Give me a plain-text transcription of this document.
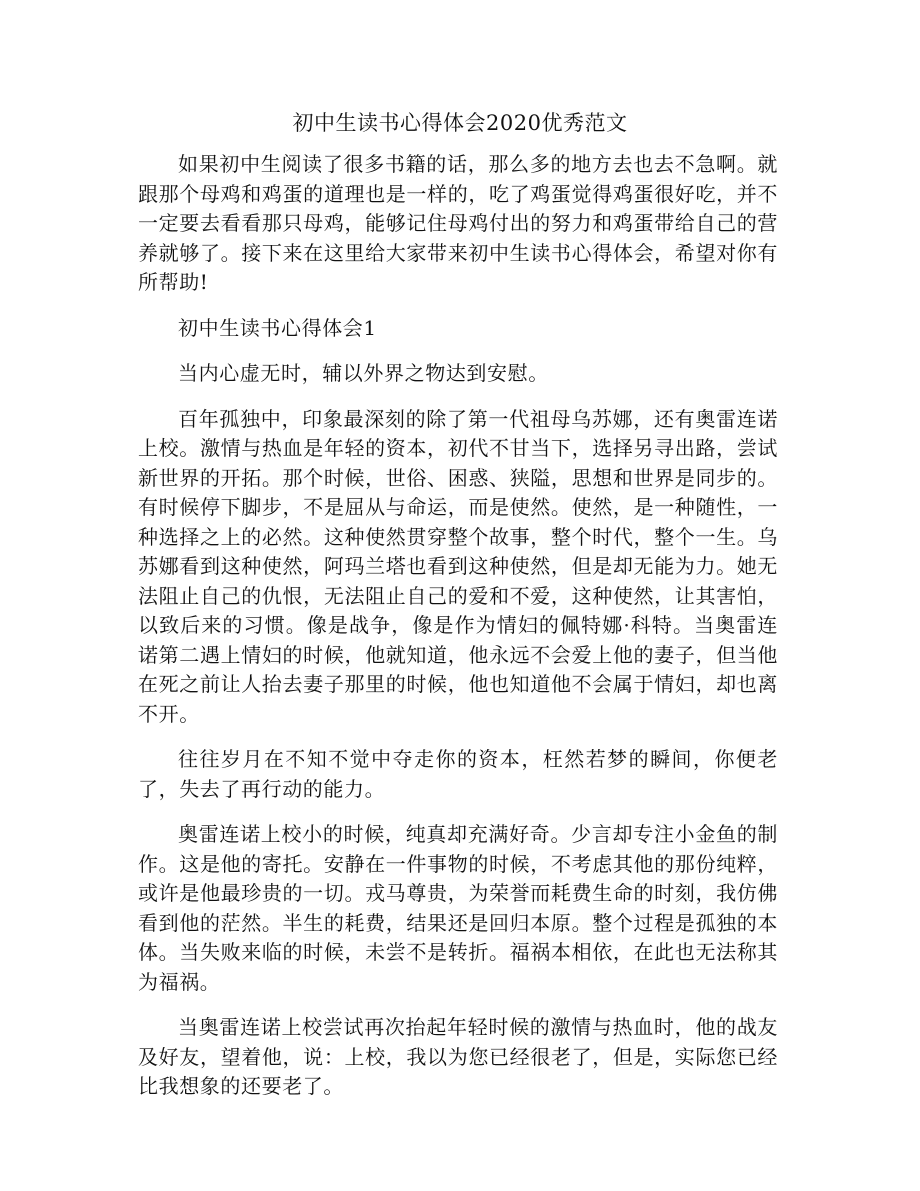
初中生读书心得体会2020优秀范文

如果初中生阅读了很多书籍的话，那么多的地方去也去不急啊。就跟那个母鸡和鸡蛋的道理也是一样的，吃了鸡蛋觉得鸡蛋很好吃，并不一定要去看看那只母鸡，能够记住母鸡付出的努力和鸡蛋带给自己的营养就够了。接下来在这里给大家带来初中生读书心得体会，希望对你有所帮助!

初中生读书心得体会1

当内心虚无时，辅以外界之物达到安慰。

百年孤独中，印象最深刻的除了第一代祖母乌苏娜，还有奥雷连诺上校。激情与热血是年轻的资本，初代不甘当下，选择另寻出路，尝试新世界的开拓。那个时候，世俗、困惑、狭隘，思想和世界是同步的。有时候停下脚步，不是屈从与命运，而是使然。使然，是一种随性，一种选择之上的必然。这种使然贯穿整个故事，整个时代，整个一生。乌苏娜看到这种使然，阿玛兰塔也看到这种使然，但是却无能为力。她无法阻止自己的仇恨，无法阻止自己的爱和不爱，这种使然，让其害怕，以致后来的习惯。像是战争，像是作为情妇的佩特娜·科特。当奥雷连诺第二遇上情妇的时候，他就知道，他永远不会爱上他的妻子，但当他在死之前让人抬去妻子那里的时候，他也知道他不会属于情妇，却也离不开。

往往岁月在不知不觉中夺走你的资本，枉然若梦的瞬间，你便老了，失去了再行动的能力。

奥雷连诺上校小的时候，纯真却充满好奇。少言却专注小金鱼的制作。这是他的寄托。安静在一件事物的时候，不考虑其他的那份纯粹，或许是他最珍贵的一切。戎马尊贵，为荣誉而耗费生命的时刻，我仿佛看到他的茫然。半生的耗费，结果还是回归本原。整个过程是孤独的本体。当失败来临的时候，未尝不是转折。福祸本相依，在此也无法称其为福祸。

当奥雷连诺上校尝试再次抬起年轻时候的激情与热血时，他的战友及好友，望着他，说：上校，我以为您已经很老了，但是，实际您已经比我想象的还要老了。
